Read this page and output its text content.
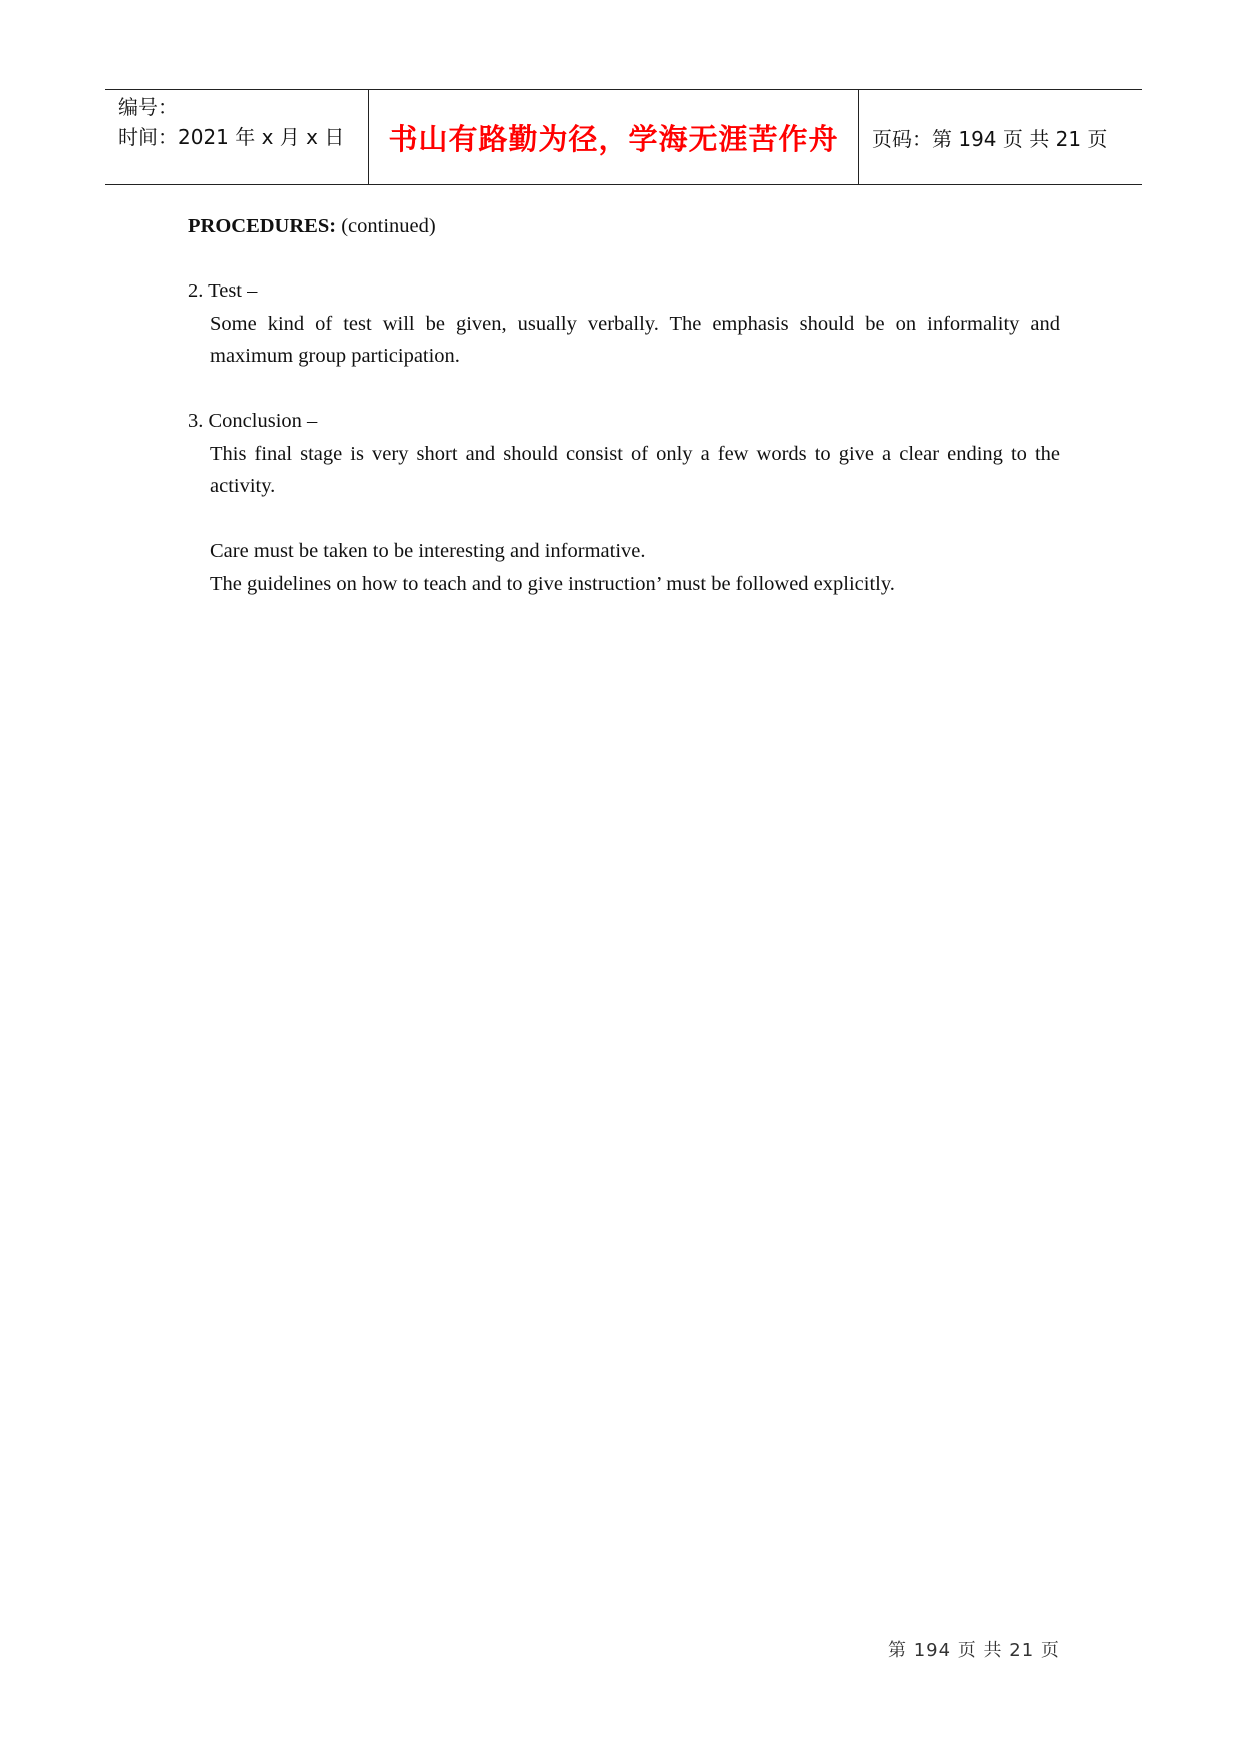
编号：
时间：2021 年 x 月 x 日	书山有路勤为径，学海无涯苦作舟 页码：第 194 页 共 21 页

PROCEDURES: (continued)

2. Test –

Some kind of test will be given, usually verbally. The emphasis should be on informality and maximum group participation.

3. Conclusion –

This final stage is very short and should consist of only a few words to give a clear ending to the activity.

Care must be taken to be interesting and informative.

The guidelines on how to teach and to give instruction’ must be followed explicitly.

第 194 页 共 21 页
